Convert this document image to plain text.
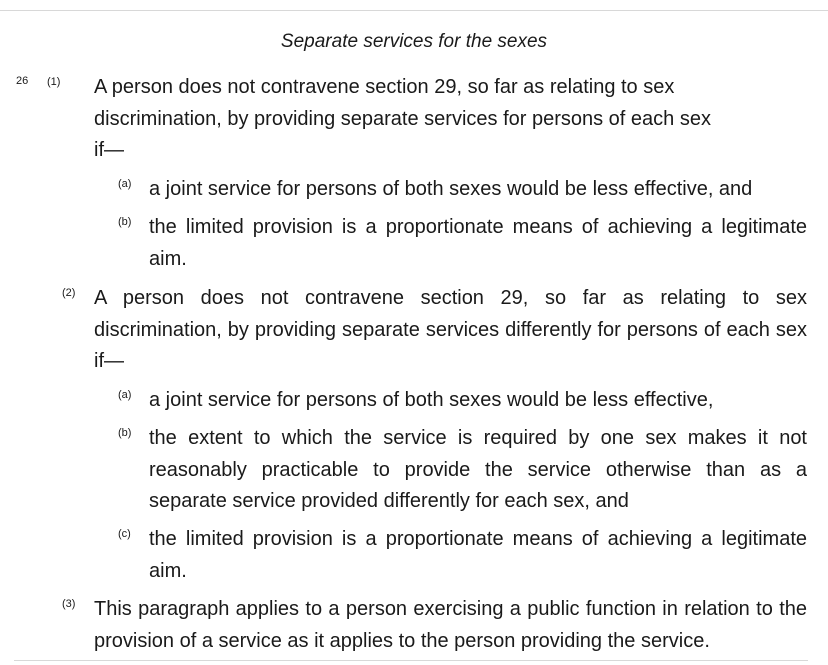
Separate services for the sexes
26 (1) A person does not contravene section 29, so far as relating to sex discrimination, by providing separate services for persons of each sex if—
(a) a joint service for persons of both sexes would be less effective, and
(b) the limited provision is a proportionate means of achieving a legitimate aim.
(2) A person does not contravene section 29, so far as relating to sex discrimination, by providing separate services differently for persons of each sex if—
(a) a joint service for persons of both sexes would be less effective,
(b) the extent to which the service is required by one sex makes it not reasonably practicable to provide the service otherwise than as a separate service provided differently for each sex, and
(c) the limited provision is a proportionate means of achieving a legitimate aim.
(3) This paragraph applies to a person exercising a public function in relation to the provision of a service as it applies to the person providing the service.
